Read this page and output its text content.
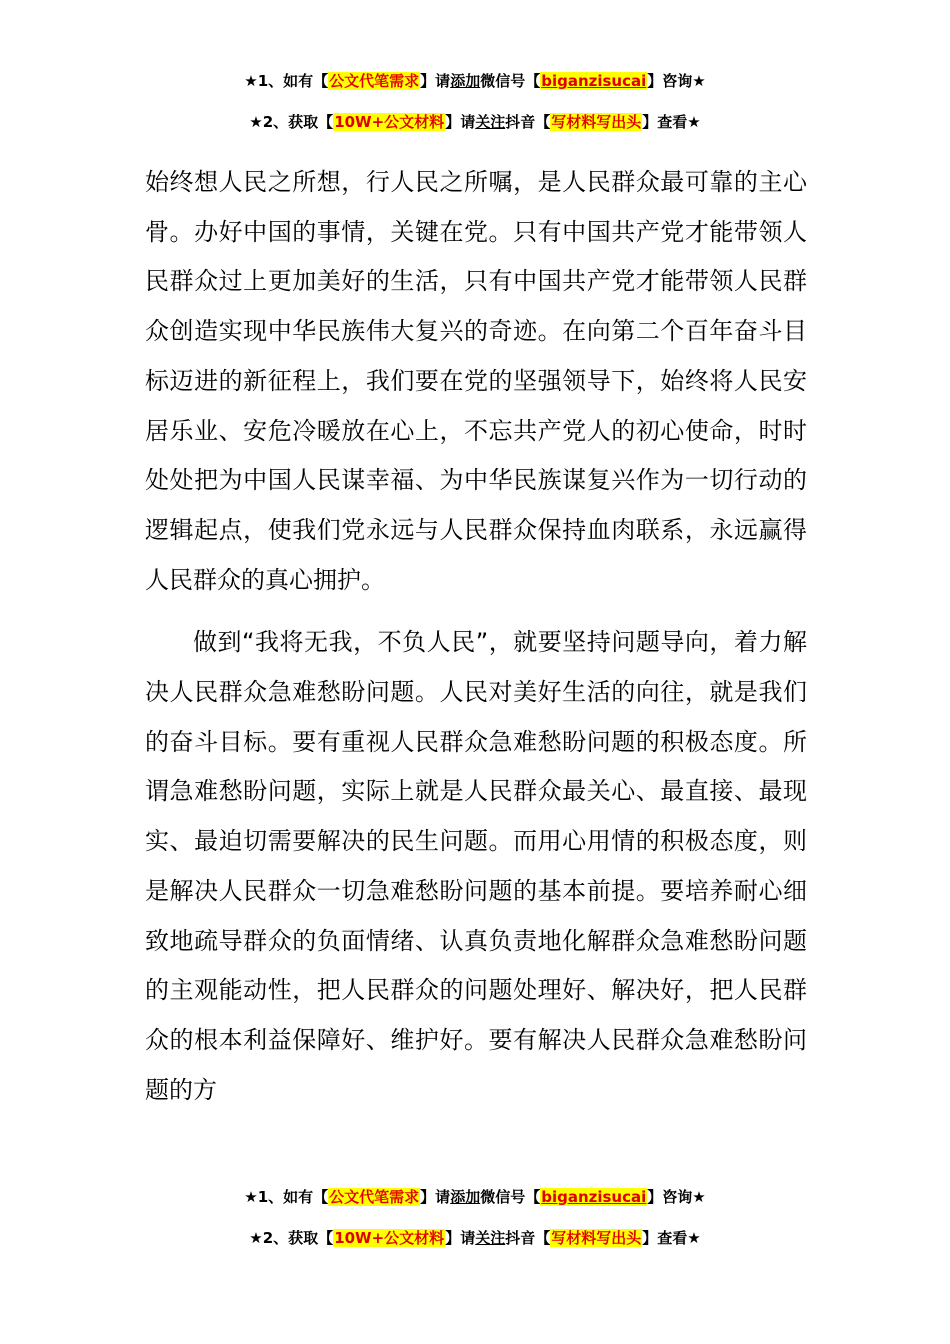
★1、如有【公文代笔需求】请添加微信号【biganzisucai】咨询★
★2、获取【10W+公文材料】请关注抖音【写材料写出头】查看★

始终想人民之所想，行人民之所嘱，是人民群众最可靠的主心骨。办好中国的事情，关键在党。只有中国共产党才能带领人民群众过上更加美好的生活，只有中国共产党才能带领人民群众创造实现中华民族伟大复兴的奇迹。在向第二个百年奋斗目标迈进的新征程上，我们要在党的坚强领导下，始终将人民安居乐业、安危冷暖放在心上，不忘共产党人的初心使命，时时处处把为中国人民谋幸福、为中华民族谋复兴作为一切行动的逻辑起点，使我们党永远与人民群众保持血肉联系，永远赢得人民群众的真心拥护。

做到“我将无我，不负人民”，就要坚持问题导向，着力解决人民群众急难愁盼问题。人民对美好生活的向往，就是我们的奋斗目标。要有重视人民群众急难愁盼问题的积极态度。所谓急难愁盼问题，实际上就是人民群众最关心、最直接、最现实、最迫切需要解决的民生问题。而用心用情的积极态度，则是解决人民群众一切急难愁盼问题的基本前提。要培养耐心细致地疏导群众的负面情绪、认真负责地化解群众急难愁盼问题的主观能动性，把人民群众的问题处理好、解决好，把人民群众的根本利益保障好、维护好。要有解决人民群众急难愁盼问题的方

★1、如有【公文代笔需求】请添加微信号【biganzisucai】咨询★
★2、获取【10W+公文材料】请关注抖音【写材料写出头】查看★
